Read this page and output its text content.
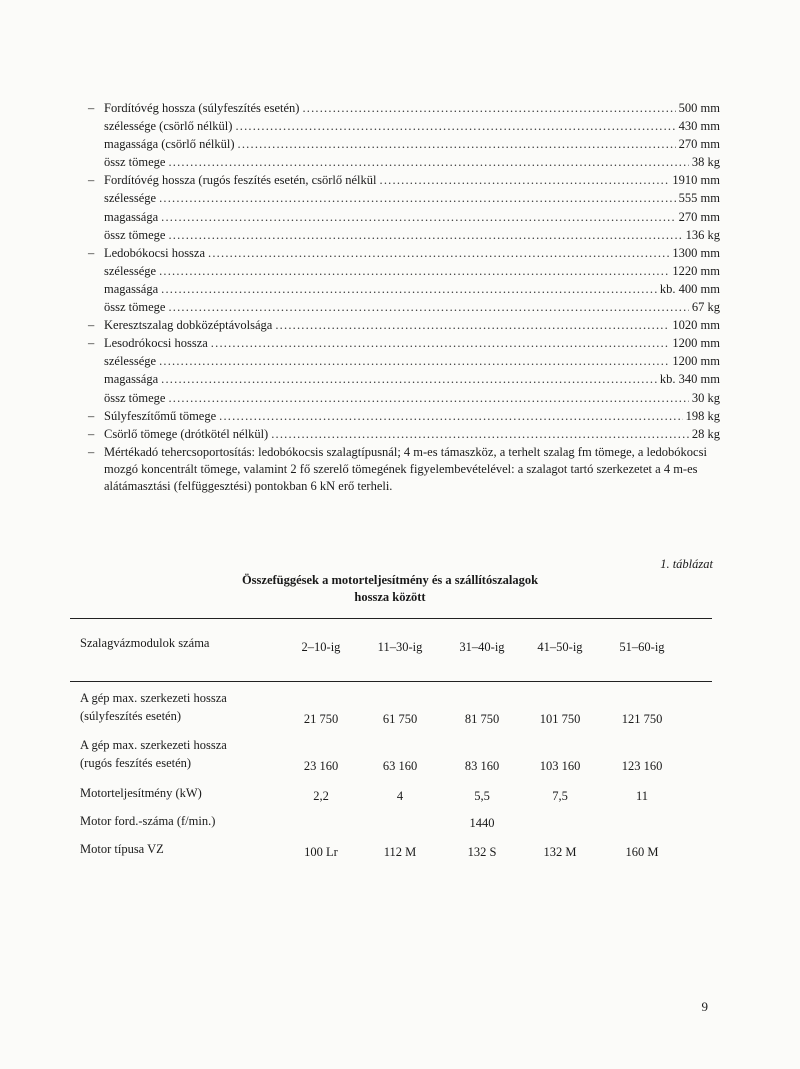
– Fordítóvég hossza (súlyfeszítés esetén) .....	500 mm
szélessége (csörlő nélkül) .....	430 mm
magassága (csörlő nélkül) .....	270 mm
össz tömege .....	38 kg
– Fordítóvég hossza (rugós feszítés esetén, csörlő nélkül .....	1910 mm
szélessége .....	555 mm
magassága .....	270 mm
össz tömege .....	136 kg
– Ledobókocsi hossza .....	1300 mm
szélessége .....	1220 mm
magassága .....	kb. 400 mm
össz tömege .....	67 kg
– Keresztszalag dobközéptávolsága .....	1020 mm
– Lesodrókocsi hossza .....	1200 mm
szélessége .....	1200 mm
magassága .....	kb. 340 mm
össz tömege .....	30 kg
– Súlyfeszítőmű tömege .....	198 kg
– Csörlő tömege (drótkötél nélkül) .....	28 kg
– Mértékadó tehercsoportosítás: ledobókocsis szalagtípusnál; 4 m-es támaszköz, a terhelt szalag fm tömege, a ledobókocsi mozgó koncentrált tömege, valamint 2 fő szerelő tömegének figyelembevételével: a szalagot tartó szerkezetet a 4 m-es alátámasztási (felfüggesztési) pontokban 6 kN erő terheli.
1. táblázat
Összefüggések a motorteljesítmény és a szállítószalagok
hossza között
Szalagvázmodulok száma	2–10-ig	11–30-ig	31–40-ig	41–50-ig	51–60-ig
A gép max. szerkezeti hossza
(súlyfeszítés esetén)	21 750	61 750	81 750	101 750	121 750
A gép max. szerkezeti hossza
(rugós feszítés esetén)	23 160	63 160	83 160	103 160	123 160
Motorteljesítmény (kW)	2,2	4	5,5	7,5	11
Motor ford.-száma (f/min.)	1440
Motor típusa VZ	100 Lr	112 M	132 S	132 M	160 M
9
